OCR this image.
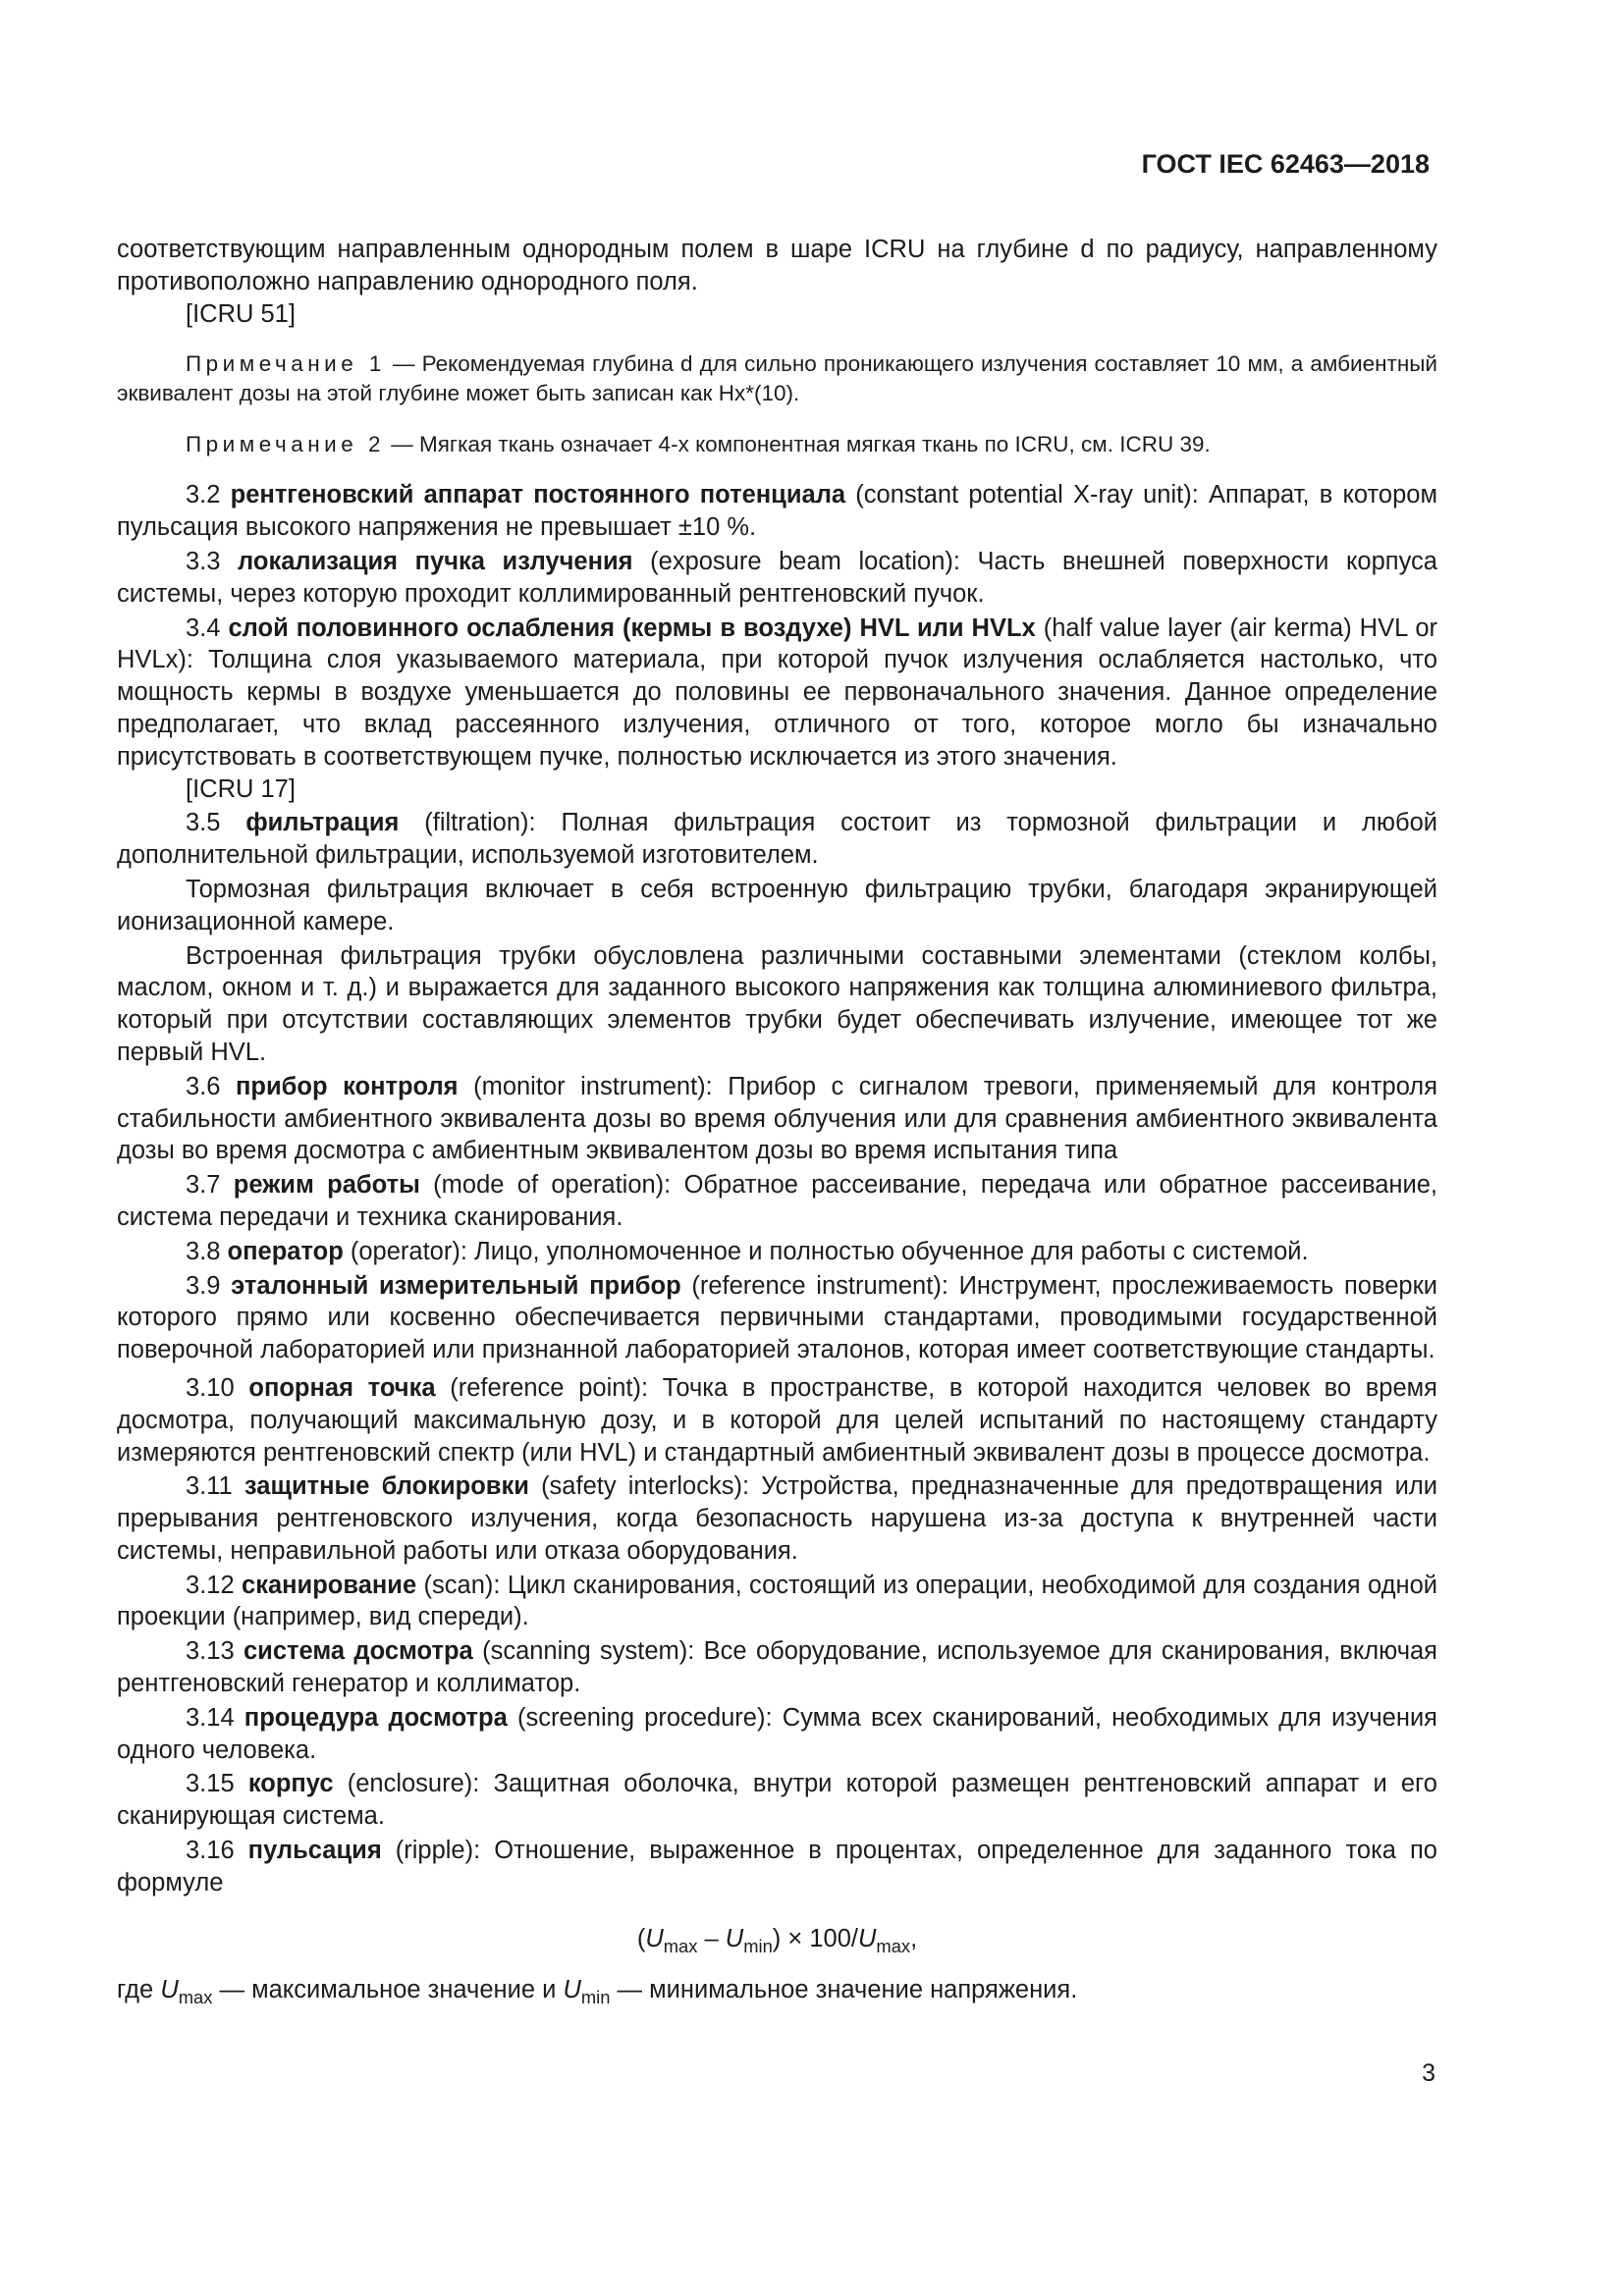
ГОСТ IEC 62463—2018

соответствующим направленным однородным полем в шаре ICRU на глубине d по радиусу, направленному противоположно направлению однородного поля.

[ICRU 51]

Примечание 1 — Рекомендуемая глубина d для сильно проникающего излучения составляет 10 мм, а амбиентный эквивалент дозы на этой глубине может быть записан как Hx*(10).

Примечание 2 — Мягкая ткань означает 4-х компонентная мягкая ткань по ICRU, см. ICRU 39.

3.2 рентгеновский аппарат постоянного потенциала (constant potential X-ray unit): Аппарат, в котором пульсация высокого напряжения не превышает ±10 %.

3.3 локализация пучка излучения (exposure beam location): Часть внешней поверхности корпуса системы, через которую проходит коллимированный рентгеновский пучок.

3.4 слой половинного ослабления (кермы в воздухе) HVL или HVLx (half value layer (air kerma) HVL or HVLx): Толщина слоя указываемого материала, при которой пучок излучения ослабляется настолько, что мощность кермы в воздухе уменьшается до половины ее первоначального значения. Данное определение предполагает, что вклад рассеянного излучения, отличного от того, которое могло бы изначально присутствовать в соответствующем пучке, полностью исключается из этого значения.

[ICRU 17]

3.5 фильтрация (filtration): Полная фильтрация состоит из тормозной фильтрации и любой дополнительной фильтрации, используемой изготовителем.

Тормозная фильтрация включает в себя встроенную фильтрацию трубки, благодаря экранирующей ионизационной камере.

Встроенная фильтрация трубки обусловлена различными составными элементами (стеклом колбы, маслом, окном и т. д.) и выражается для заданного высокого напряжения как толщина алюминиевого фильтра, который при отсутствии составляющих элементов трубки будет обеспечивать излучение, имеющее тот же первый HVL.

3.6 прибор контроля (monitor instrument): Прибор с сигналом тревоги, применяемый для контроля стабильности амбиентного эквивалента дозы во время облучения или для сравнения амбиентного эквивалента дозы во время досмотра с амбиентным эквивалентом дозы во время испытания типа

3.7 режим работы (mode of operation): Обратное рассеивание, передача или обратное рассеивание, система передачи и техника сканирования.

3.8 оператор (operator): Лицо, уполномоченное и полностью обученное для работы с системой.

3.9 эталонный измерительный прибор (reference instrument): Инструмент, прослеживаемость поверки которого прямо или косвенно обеспечивается первичными стандартами, проводимыми государственной поверочной лабораторией или признанной лабораторией эталонов, которая имеет соответствующие стандарты.

3.10 опорная точка (reference point): Точка в пространстве, в которой находится человек во время досмотра, получающий максимальную дозу, и в которой для целей испытаний по настоящему стандарту измеряются рентгеновский спектр (или HVL) и стандартный амбиентный эквивалент дозы в процессе досмотра.

3.11 защитные блокировки (safety interlocks): Устройства, предназначенные для предотвращения или прерывания рентгеновского излучения, когда безопасность нарушена из-за доступа к внутренней части системы, неправильной работы или отказа оборудования.

3.12 сканирование (scan): Цикл сканирования, состоящий из операции, необходимой для создания одной проекции (например, вид спереди).

3.13 система досмотра (scanning system): Все оборудование, используемое для сканирования, включая рентгеновский генератор и коллиматор.

3.14 процедура досмотра (screening procedure): Сумма всех сканирований, необходимых для изучения одного человека.

3.15 корпус (enclosure): Защитная оболочка, внутри которой размещен рентгеновский аппарат и его сканирующая система.

3.16 пульсация (ripple): Отношение, выраженное в процентах, определенное для заданного тока по формуле

$(U_{max} - U_{min}) \times 100/U_{max}$,

где $U_{max}$ — максимальное значение и $U_{min}$ — минимальное значение напряжения.

3
